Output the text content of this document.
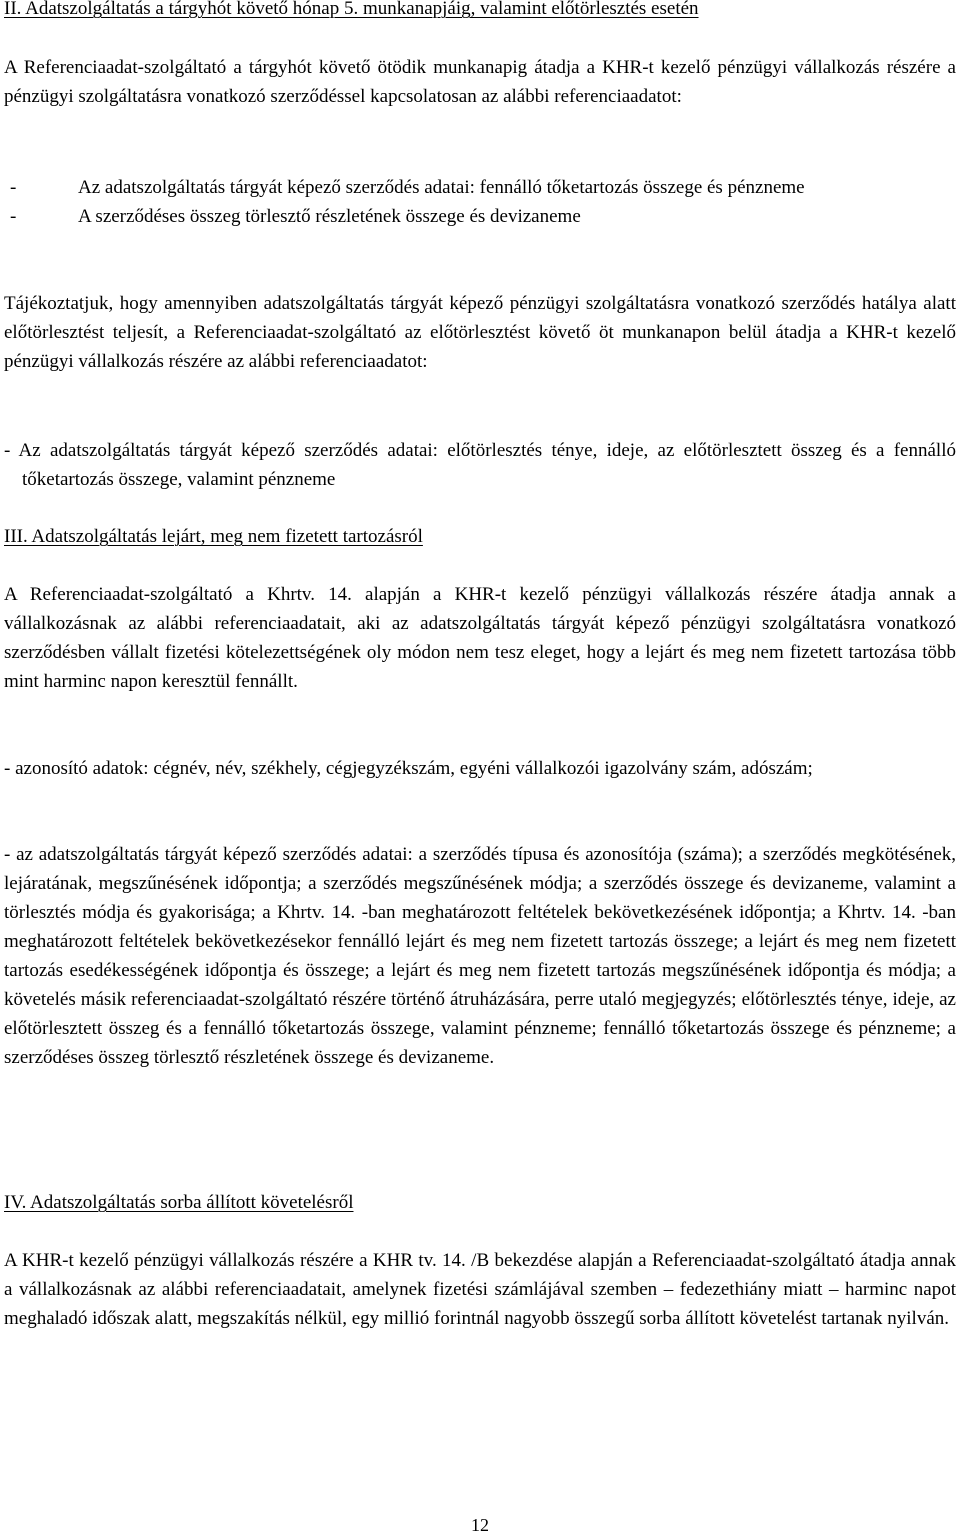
II. Adatszolgáltatás a tárgyhót követő hónap 5. munkanapjáig, valamint előtörlesztés esetén

A Referenciaadat-szolgáltató a tárgyhót követő ötödik munkanapig átadja a KHR-t kezelő pénzügyi vállalkozás részére a pénzügyi szolgáltatásra vonatkozó szerződéssel kapcsolatosan az alábbi referenciaadatot:

-	Az adatszolgáltatás tárgyát képező szerződés adatai: fennálló tőketartozás összege és pénzneme
-	A szerződéses összeg törlesztő részletének összege és devizaneme

Tájékoztatjuk, hogy amennyiben adatszolgáltatás tárgyát képező pénzügyi szolgáltatásra vonatkozó szerződés hatálya alatt előtörlesztést teljesít, a Referenciaadat-szolgáltató az előtörlesztést követő öt munkanapon belül átadja a KHR-t kezelő pénzügyi vállalkozás részére az alábbi referenciaadatot:

- Az adatszolgáltatás tárgyát képező szerződés adatai: előtörlesztés ténye, ideje, az előtörlesztett összeg és a fennálló tőketartozás összege, valamint pénzneme

III. Adatszolgáltatás lejárt, meg nem fizetett tartozásról

A Referenciaadat-szolgáltató a Khrtv. 14. alapján a KHR-t kezelő pénzügyi vállalkozás részére átadja annak a vállalkozásnak az alábbi referenciaadatait, aki az adatszolgáltatás tárgyát képező pénzügyi szolgáltatásra vonatkozó szerződésben vállalt fizetési kötelezettségének oly módon nem tesz eleget, hogy a lejárt és meg nem fizetett tartozása több mint harminc napon keresztül fennállt.

- azonosító adatok: cégnév, név, székhely, cégjegyzékszám, egyéni vállalkozói igazolvány szám, adószám;

- az adatszolgáltatás tárgyát képező szerződés adatai: a szerződés típusa és azonosítója (száma); a szerződés megkötésének, lejáratának, megszűnésének időpontja; a szerződés megszűnésének módja; a szerződés összege és devizaneme, valamint a törlesztés módja és gyakorisága; a Khrtv. 14. -ban meghatározott feltételek bekövetkezésének időpontja; a Khrtv. 14. -ban meghatározott feltételek bekövetkezésekor fennálló lejárt és meg nem fizetett tartozás összege; a lejárt és meg nem fizetett tartozás esedékességének időpontja és összege; a lejárt és meg nem fizetett tartozás megszűnésének időpontja és módja; a követelés másik referenciaadat-szolgáltató részére történő átruházására, perre utaló megjegyzés; előtörlesztés ténye, ideje, az előtörlesztett összeg és a fennálló tőketartozás összege, valamint pénzneme; fennálló tőketartozás összege és pénzneme; a szerződéses összeg törlesztő részletének összege és devizaneme.

IV. Adatszolgáltatás sorba állított követelésről

A KHR-t kezelő pénzügyi vállalkozás részére a KHR tv. 14. /B bekezdése alapján a Referenciaadat-szolgáltató átadja annak a vállalkozásnak az alábbi referenciaadatait, amelynek fizetési számlájával szemben – fedezethiány miatt – harminc napot meghaladó időszak alatt, megszakítás nélkül, egy millió forintnál nagyobb összegű sorba állított követelést tartanak nyilván.

12
